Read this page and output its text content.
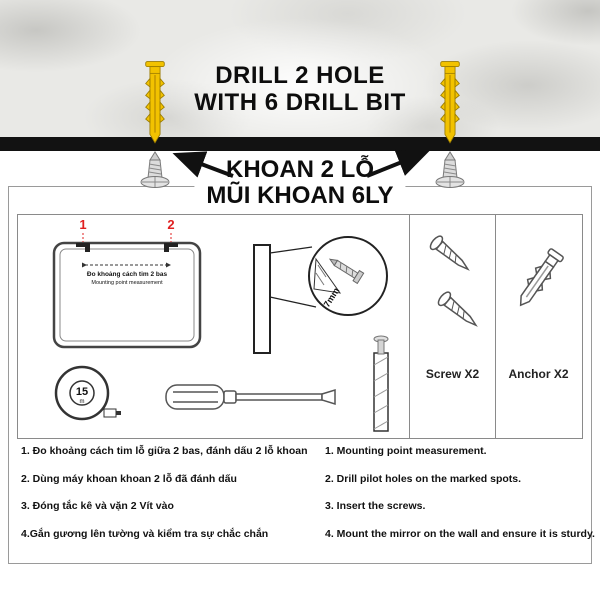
DRILL 2 HOLE
WITH 6 DRILL BIT
KHOAN 2 LỖ
MŨI KHOAN 6LY
1	2
Đo khoảng cách tim 2 bas
Mounting point measurement
15
m
7mm
Screw X2 Anchor X2
1. Đo khoảng cách tim lỗ giữa 2 bas, đánh dấu 2 lỗ khoan
2. Dùng máy khoan khoan 2 lỗ đã đánh dấu
3. Đóng tắc kê và vặn 2 Vít vào
4.Gắn gương lên tường và kiểm tra sự chắc chắn
1. Mounting point measurement.
2. Drill pilot holes on the marked spots.
3. Insert the screws.
4. Mount the mirror on the wall and ensure it is sturdy.
